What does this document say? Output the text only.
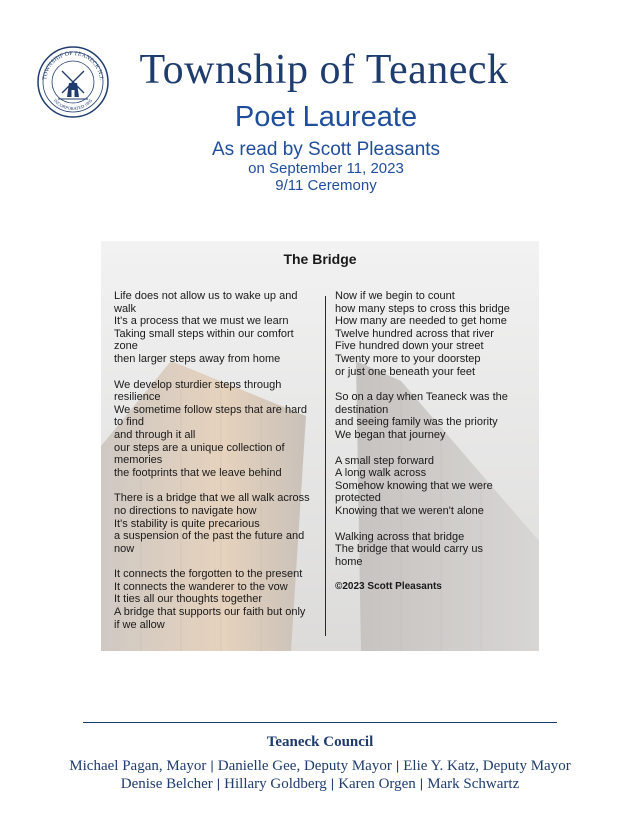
TOWNSHIP OF TEANECK N.J.
INCORPORATED 1895
Township of Teaneck
Poet Laureate
As read by Scott Pleasants
on September 11, 2023
9/11 Ceremony
The Bridge
Life does not allow us to wake up and
walk
It's a process that we must we learn
Taking small steps within our comfort
zone
then larger steps away from home
We develop sturdier steps through
resilience
We sometime follow steps that are hard
to find
and through it all
our steps are a unique collection of
memories
the footprints that we leave behind
There is a bridge that we all walk across
no directions to navigate how
It's stability is quite precarious
a suspension of the past the future and
now
It connects the forgotten to the present
It connects the wanderer to the vow
It ties all our thoughts together
A bridge that supports our faith but only
if we allow
Now if we begin to count
how many steps to cross this bridge
How many are needed to get home
Twelve hundred across that river
Five hundred down your street
Twenty more to your doorstep
or just one beneath your feet
So on a day when Teaneck was the
destination
and seeing family was the priority
We began that journey
A small step forward
A long walk across
Somehow knowing that we were
protected
Knowing that we weren't alone
Walking across that bridge
The bridge that would carry us
home
©2023 Scott Pleasants
Teaneck Council
Michael Pagan, Mayor | Danielle Gee, Deputy Mayor | Elie Y. Katz, Deputy Mayor
Denise Belcher | Hillary Goldberg | Karen Orgen | Mark Schwartz
